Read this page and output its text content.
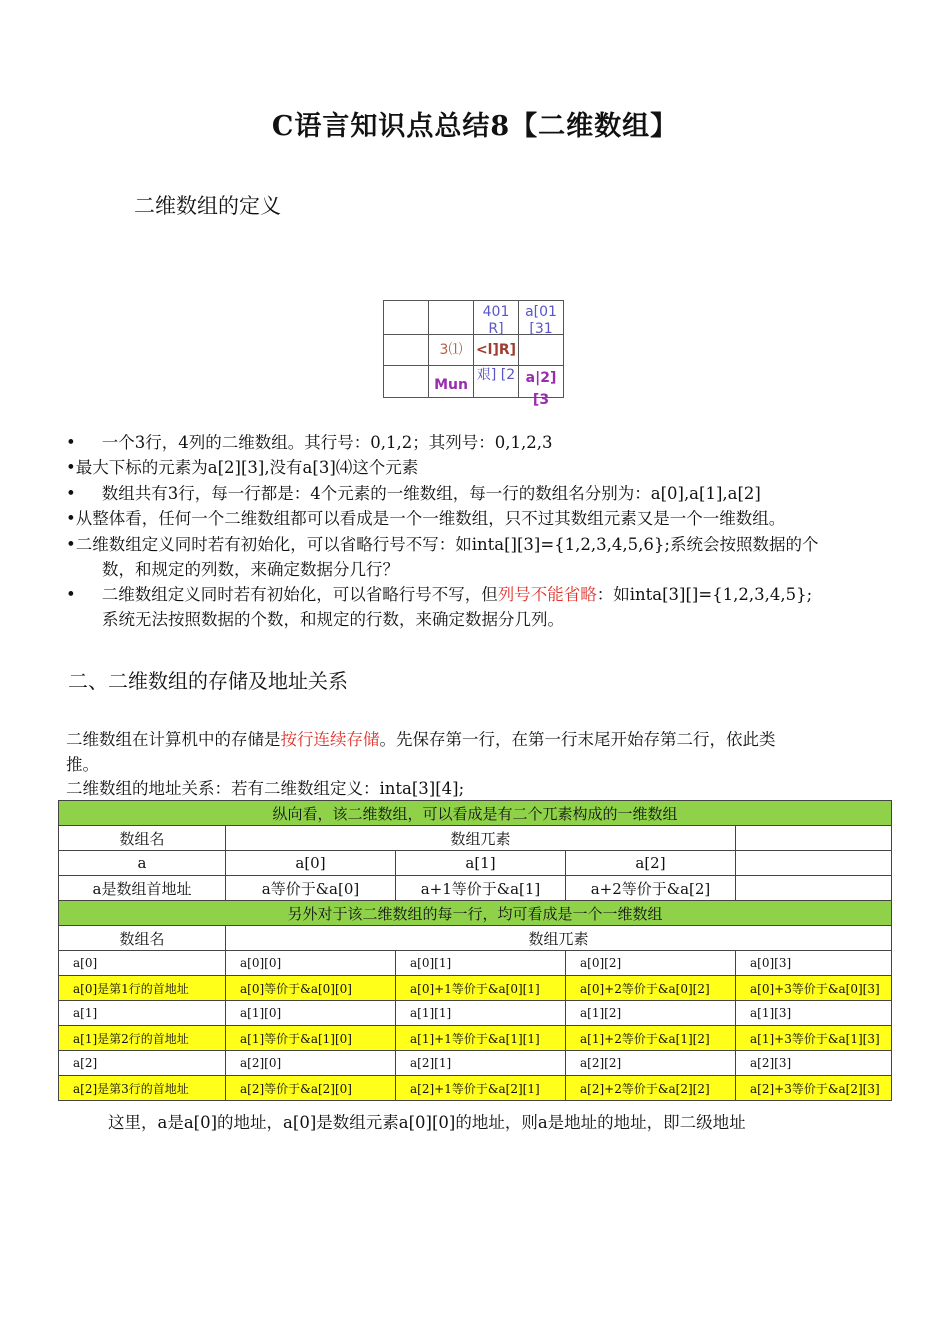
C语言知识点总结8【二维数组】
二维数组的定义

		401 R]	a[01 [31

	3⑴	<l]R]	

	Mun	艰] [2	a|2] [3
• 一个3行，4列的二维数组。其行号：0,1,2；其列号：0,1,2,3
•最大下标的元素为a[2][3],没有a[3]⑷这个元素
• 数组共有3行，每一行都是：4个元素的一维数组，每一行的数组名分别为：a[0],a[1],a[2]
•从整体看，任何一个二维数组都可以看成是一个一维数组，只不过其数组元素又是一个一维数组。
•二维数组定义同时若有初始化，可以省略行号不写：如inta[][3]={1,2,3,4,5,6};系统会按照数据的个
数，和规定的列数，来确定数据分几行？
• 二维数组定义同时若有初始化，可以省略行号不写，但列号不能省略：如inta[3][]={1,2,3,4,5};
系统无法按照数据的个数，和规定的行数，来确定数据分几列。
二、二维数组的存储及地址关系
二维数组在计算机中的存储是按行连续存储。先保存第一行，在第一行末尾开始存第二行，依此类
推。
二维数组的地址关系：若有二维数组定义：inta[3][4];
纵向看，该二维数组，可以看成是有二个兀素构成的一维数组				
数组名	数组兀素			
a	a[0]	a[1]	a[2]	
a是数组首地址	a等价于&a[0]	a+1等价于&a[1]	a+2等价于&a[2]	
另外对于该二维数组的每一行，均可看成是一个一维数组				
数组名	数组兀素			
a[0]	a[0][0]	a[0][1]	a[0][2]	a[0][3]
a[0]是第1行的首地址	a[0]等价于&a[0][0]	a[0]+1等价于&a[0][1]	a[0]+2等价于&a[0][2]	a[0]+3等价于&a[0][3]
a[1]	a[1][0]	a[1][1]	a[1][2]	a[1][3]
a[1]是第2行的首地址	a[1]等价于&a[1][0]	a[1]+1等价于&a[1][1]	a[1]+2等价于&a[1][2]	a[1]+3等价于&a[1][3]
a[2]	a[2][0]	a[2][1]	a[2][2]	a[2][3]
a[2]是第3行的首地址	a[2]等价于&a[2][0]	a[2]+1等价于&a[2][1]	a[2]+2等价于&a[2][2]	a[2]+3等价于&a[2][3]
这里，a是a[0]的地址，a[0]是数组元素a[0][0]的地址，则a是地址的地址，即二级地址
